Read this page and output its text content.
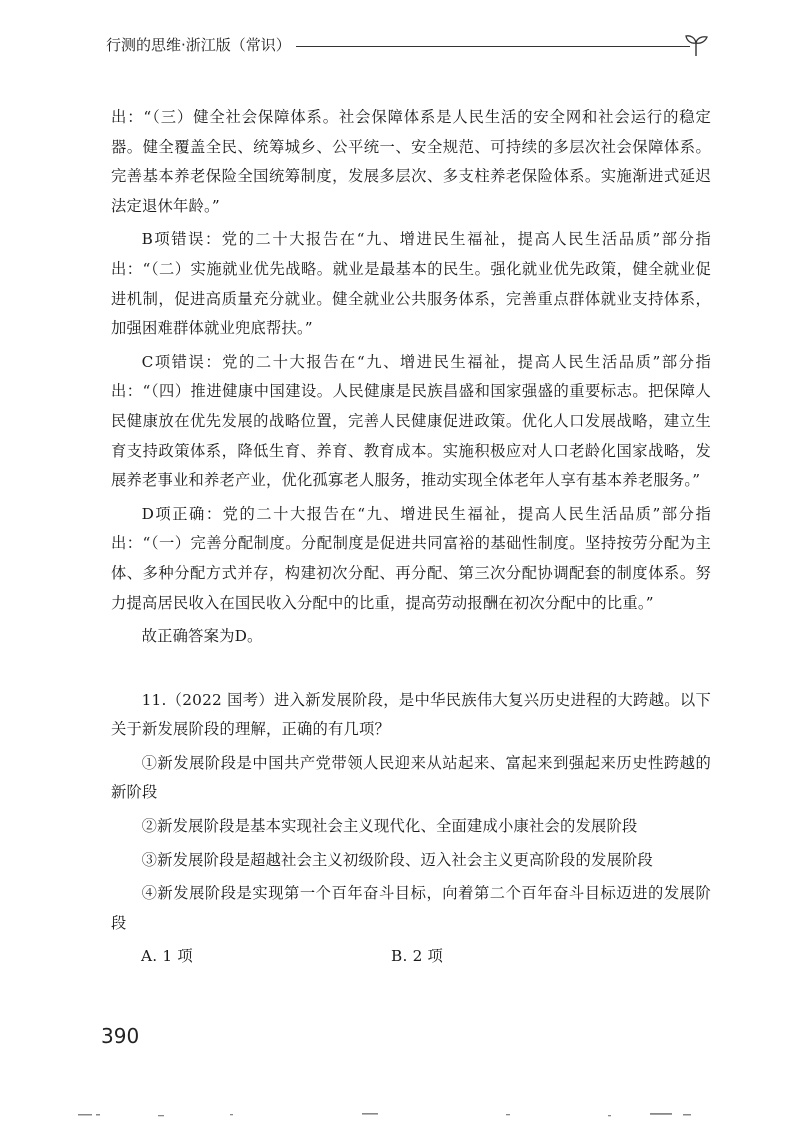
行测的思维·浙江版（常识）

出：“（三）健全社会保障体系。社会保障体系是人民生活的安全网和社会运行的稳定器。健全覆盖全民、统筹城乡、公平统一、安全规范、可持续的多层次社会保障体系。完善基本养老保险全国统筹制度，发展多层次、多支柱养老保险体系。实施渐进式延迟法定退休年龄。”

B项错误：党的二十大报告在“九、增进民生福祉，提高人民生活品质”部分指出：“（二）实施就业优先战略。就业是最基本的民生。强化就业优先政策，健全就业促进机制，促进高质量充分就业。健全就业公共服务体系，完善重点群体就业支持体系，加强困难群体就业兜底帮扶。”

C项错误：党的二十大报告在“九、增进民生福祉，提高人民生活品质”部分指出：“（四）推进健康中国建设。人民健康是民族昌盛和国家强盛的重要标志。把保障人民健康放在优先发展的战略位置，完善人民健康促进政策。优化人口发展战略，建立生育支持政策体系，降低生育、养育、教育成本。实施积极应对人口老龄化国家战略，发展养老事业和养老产业，优化孤寡老人服务，推动实现全体老年人享有基本养老服务。”

D项正确：党的二十大报告在“九、增进民生福祉，提高人民生活品质”部分指出：“（一）完善分配制度。分配制度是促进共同富裕的基础性制度。坚持按劳分配为主体、多种分配方式并存，构建初次分配、再分配、第三次分配协调配套的制度体系。努力提高居民收入在国民收入分配中的比重，提高劳动报酬在初次分配中的比重。”

故正确答案为D。

11.（2022 国考）进入新发展阶段，是中华民族伟大复兴历史进程的大跨越。以下关于新发展阶段的理解，正确的有几项？

①新发展阶段是中国共产党带领人民迎来从站起来、富起来到强起来历史性跨越的新阶段

②新发展阶段是基本实现社会主义现代化、全面建成小康社会的发展阶段

③新发展阶段是超越社会主义初级阶段、迈入社会主义更高阶段的发展阶段

④新发展阶段是实现第一个百年奋斗目标，向着第二个百年奋斗目标迈进的发展阶段

A. 1 项	B. 2 项
390
